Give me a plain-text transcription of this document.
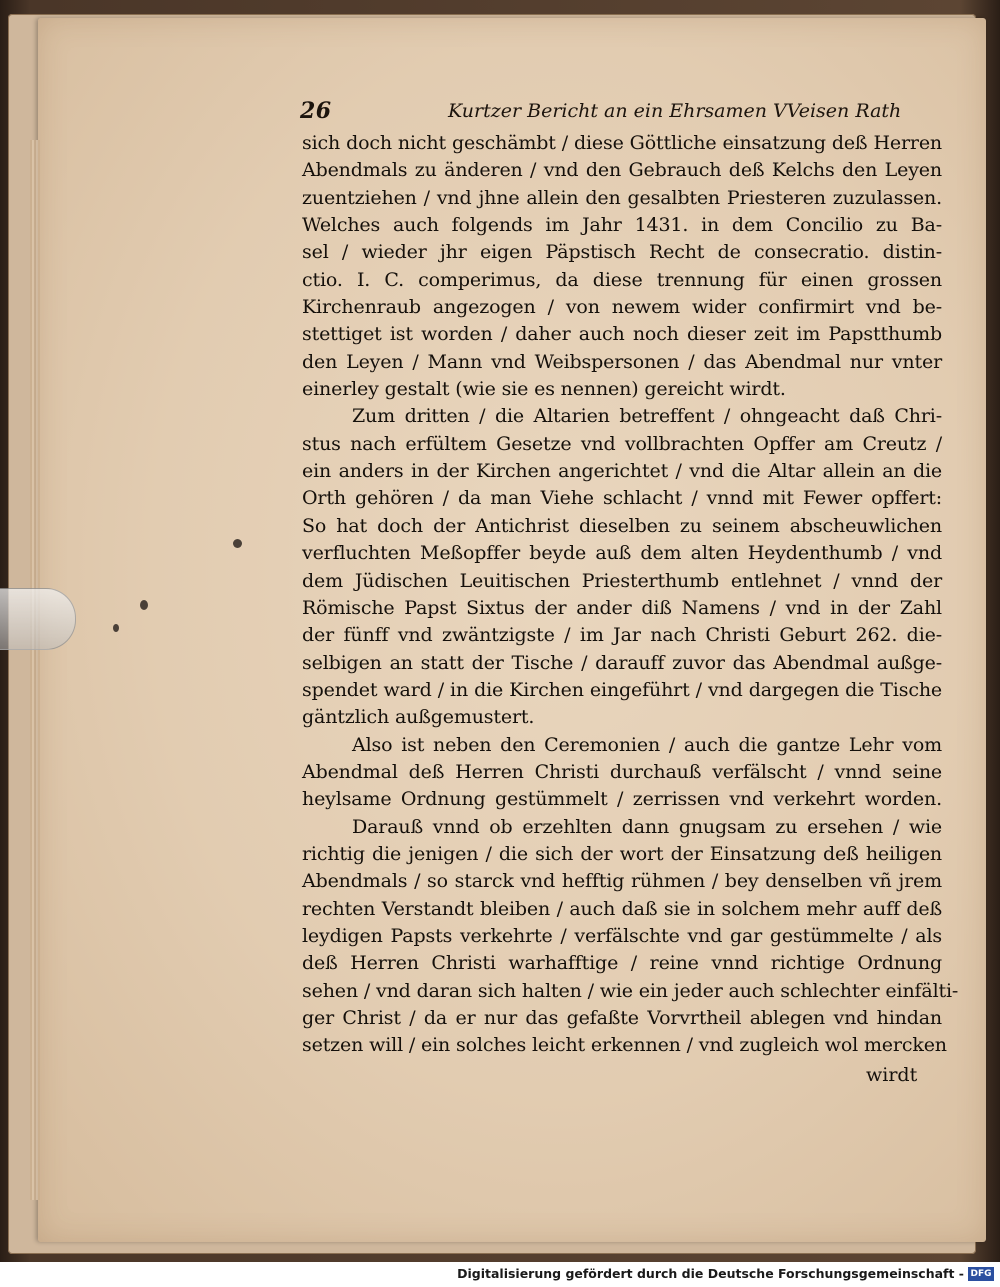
26	Kurtzer Bericht an ein Ehrsamen VVeisen Rath
sich doch nicht geschämbt / diese Göttliche einsatzung deß Herren
Abendmals zu änderen / vnd den Gebrauch deß Kelchs den Leyen
zuentziehen / vnd jhne allein den gesalbten Priesteren zuzulassen.
Welches auch folgends im Jahr 1431. in dem Concilio zu Ba-
sel / wieder jhr eigen Päpstisch Recht de consecratio. distin-
ctio. I. C. comperimus, da diese trennung für einen grossen
Kirchenraub angezogen / von newem wider confirmirt vnd be-
stettiget ist worden / daher auch noch dieser zeit im Papstthumb
den Leyen / Mann vnd Weibspersonen / das Abendmal nur vnter
einerley gestalt (wie sie es nennen) gereicht wirdt.
Zum dritten / die Altarien betreffent / ohngeacht daß Chri-
stus nach erfültem Gesetze vnd vollbrachten Opffer am Creutz /
ein anders in der Kirchen angerichtet / vnd die Altar allein an die
Orth gehören / da man Viehe schlacht / vnnd mit Fewer opffert:
So hat doch der Antichrist dieselben zu seinem abscheuwlichen
verfluchten Meßopffer beyde auß dem alten Heydenthumb / vnd
dem Jüdischen Leuitischen Priesterthumb entlehnet / vnnd der
Römische Papst Sixtus der ander diß Namens / vnd in der Zahl
der fünff vnd zwäntzigste / im Jar nach Christi Geburt 262. die-
selbigen an statt der Tische / darauff zuvor das Abendmal außge-
spendet ward / in die Kirchen eingeführt / vnd dargegen die Tische
gäntzlich außgemustert.
Also ist neben den Ceremonien / auch die gantze Lehr vom
Abendmal deß Herren Christi durchauß verfälscht / vnnd seine
heylsame Ordnung gestümmelt / zerrissen vnd verkehrt worden.
Darauß vnnd ob erzehlten dann gnugsam zu ersehen / wie
richtig die jenigen / die sich der wort der Einsatzung deß heiligen
Abendmals / so starck vnd hefftig rühmen / bey denselben vñ jrem
rechten Verstandt bleiben / auch daß sie in solchem mehr auff deß
leydigen Papsts verkehrte / verfälschte vnd gar gestümmelte / als
deß Herren Christi warhafftige / reine vnnd richtige Ordnung
sehen / vnd daran sich halten / wie ein jeder auch schlechter einfälti-
ger Christ / da er nur das gefaßte Vorvrtheil ablegen vnd hindan
setzen will / ein solches leicht erkennen / vnd zugleich wol mercken
wirdt
Digitalisierung gefördert durch die Deutsche Forschungsgemeinschaft - DFG
